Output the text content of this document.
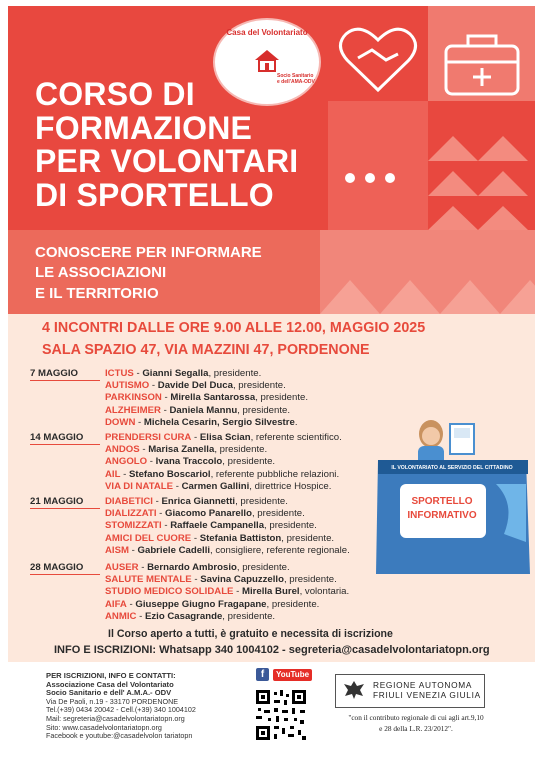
Casa del Volontariato
Socio Sanitario e dell'AMA-ODV
CORSO DI
FORMAZIONE
PER VOLONTARI
DI SPORTELLO
CONOSCERE PER INFORMARE
LE ASSOCIAZIONI
E IL TERRITORIO
4 INCONTRI DALLE ORE 9.00 ALLE 12.00, MAGGIO 2025
SALA SPAZIO 47, VIA MAZZINI 47, PORDENONE
7 MAGGIO	ICTUS - Gianni Segalla, presidente.
AUTISMO - Davide Del Duca, presidente.
PARKINSON - Mirella Santarossa, presidente.
ALZHEIMER - Daniela Mannu, presidente.
DOWN - Michela Cesarin, Sergio Silvestre.
14 MAGGIO PRENDERSI CURA - Elisa Scian, referente scientifico.
ANDOS - Marisa Zanella, presidente.
ANGOLO - Ivana Traccolo, presidente.
AIL - Stefano Boscariol, referente pubbliche relazioni.
VIA DI NATALE - Carmen Gallini, direttrice Hospice.
21 MAGGIO DIABETICI - Enrica Giannetti, presidente.
DIALIZZATI - Giacomo Panarello, presidente.
STOMIZZATI - Raffaele Campanella, presidente.
AMICI DEL CUORE - Stefania Battiston, presidente.
AISM - Gabriele Cadelli, consigliere, referente regionale.
28 MAGGIO AUSER - Bernardo Ambrosio, presidente.
SALUTE MENTALE - Savina Capuzzello, presidente.
STUDIO MEDICO SOLIDALE - Mirella Burel, volontaria.
AIFA - Giuseppe Giugno Fragapane, presidente.
ANMIC - Ezio Casagrande, presidente.
IL VOLONTARIATO AL SERVIZIO DEL CITTADINO
SPORTELLO
INFORMATIVO
Il Corso aperto a tutti, è gratuito e necessita di iscrizione
INFO E ISCRIZIONI: Whatsapp 340 1004102 - segreteria@casadelvolontariatopn.org
PER ISCRIZIONI, INFO E CONTATTI:
Associazione Casa del Volontariato
Socio Sanitario e dell' A.M.A.- ODV
Via De Paoli, n.19 - 33170 PORDENONE
Tel.(+39) 0434 20042 - Cell.(+39) 340 1004102
Mail: segreteria@casadelvolontariatopn.org
Sito: www.casadelvolontariatopn.org
Facebook e youtube:@casadelvolon tariatopn
f	YouTube
REGIONE AUTONOMA
FRIULI VENEZIA GIULIA
"con il contributo regionale di cui agli art.9,10
e 28 della L.R. 23/2012".
